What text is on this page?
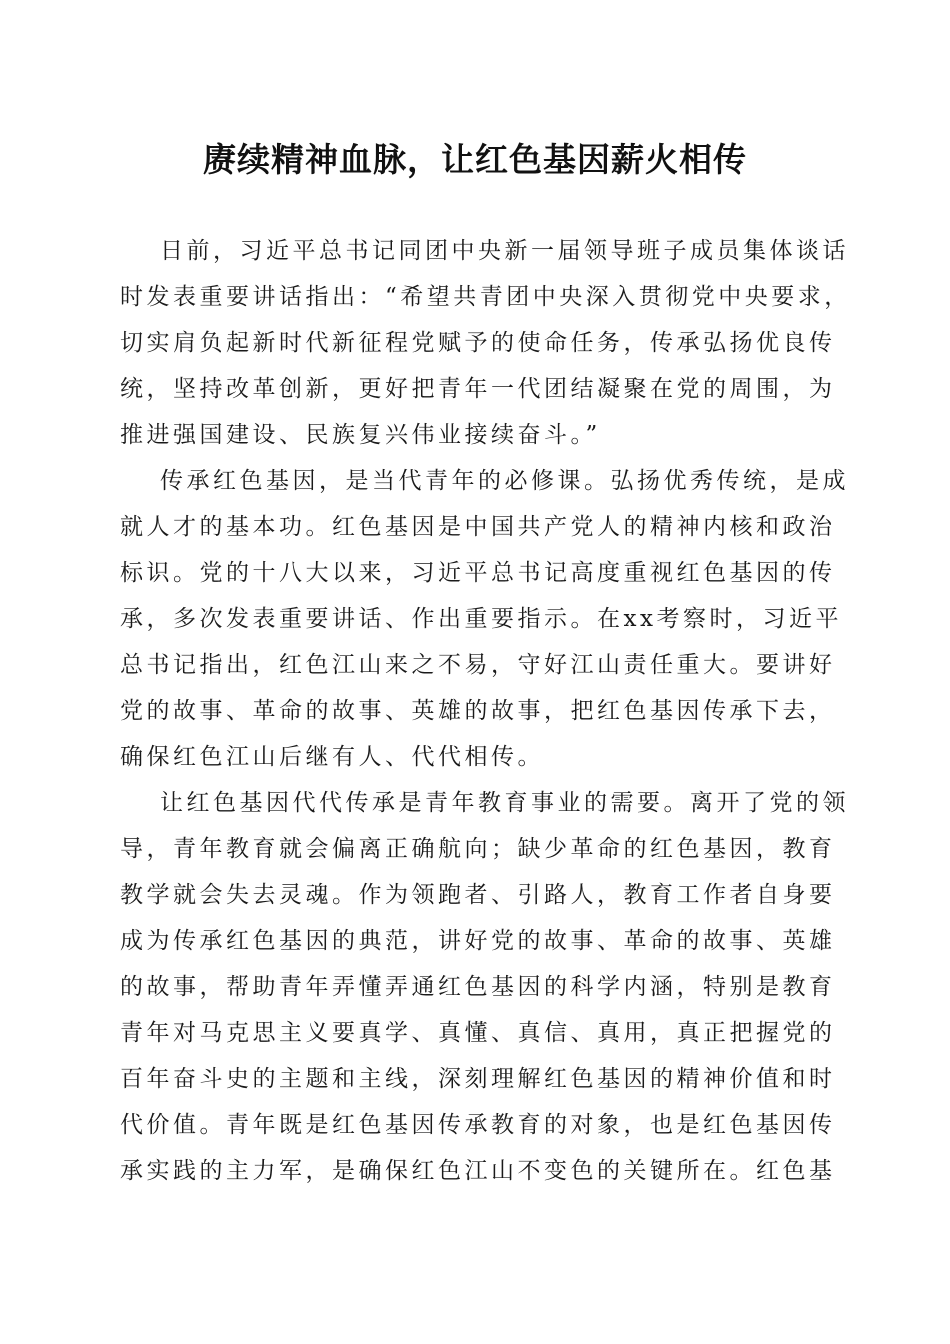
赓续精神血脉，让红色基因薪火相传
日前，习近平总书记同团中央新一届领导班子成员集体谈话
时发表重要讲话指出：“希望共青团中央深入贯彻党中央要求，
切实肩负起新时代新征程党赋予的使命任务，传承弘扬优良传
统，坚持改革创新，更好把青年一代团结凝聚在党的周围，为
推进强国建设、民族复兴伟业接续奋斗。”
传承红色基因，是当代青年的必修课。弘扬优秀传统，是成
就人才的基本功。红色基因是中国共产党人的精神内核和政治
标识。党的十八大以来，习近平总书记高度重视红色基因的传
承，多次发表重要讲话、作出重要指示。在xx考察时，习近平
总书记指出，红色江山来之不易，守好江山责任重大。要讲好
党的故事、革命的故事、英雄的故事，把红色基因传承下去，
确保红色江山后继有人、代代相传。
让红色基因代代传承是青年教育事业的需要。离开了党的领
导，青年教育就会偏离正确航向；缺少革命的红色基因，教育
教学就会失去灵魂。作为领跑者、引路人，教育工作者自身要
成为传承红色基因的典范，讲好党的故事、革命的故事、英雄
的故事，帮助青年弄懂弄通红色基因的科学内涵，特别是教育
青年对马克思主义要真学、真懂、真信、真用，真正把握党的
百年奋斗史的主题和主线，深刻理解红色基因的精神价值和时
代价值。青年既是红色基因传承教育的对象，也是红色基因传
承实践的主力军，是确保红色江山不变色的关键所在。红色基
